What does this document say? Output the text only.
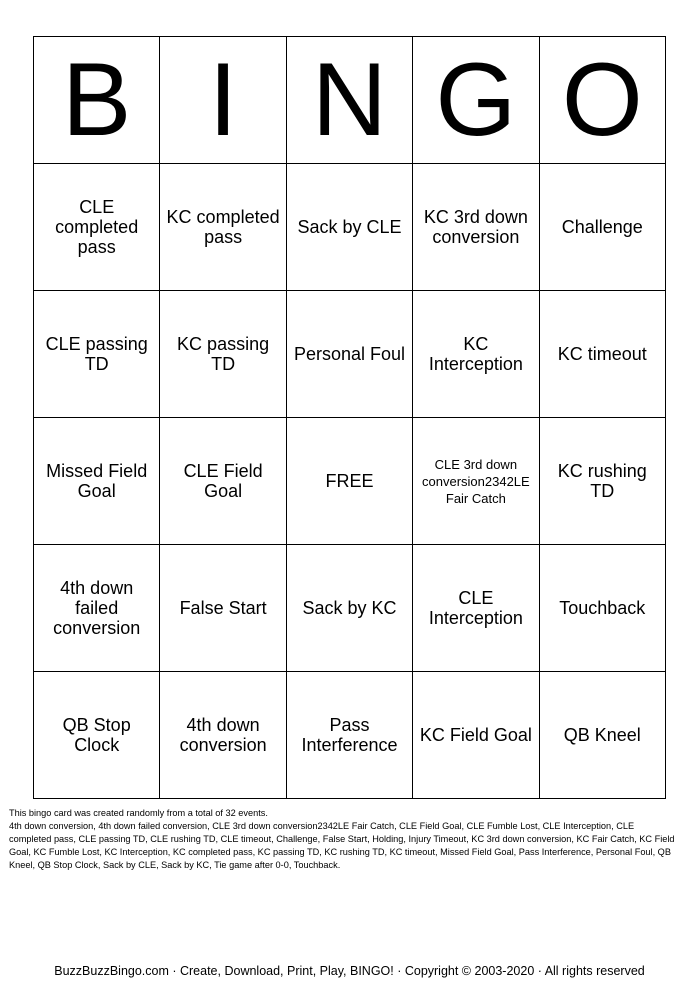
B	I	N	G	O
CLE completed pass	KC completed pass	Sack by CLE	KC 3rd down conversion	Challenge
CLE passing TD	KC passing TD	Personal Foul	KC Interception	KC timeout
Missed Field Goal	CLE Field Goal	FREE	CLE 3rd down conversion2342LE Fair Catch	KC rushing TD
4th down failed conversion	False Start	Sack by KC	CLE Interception	Touchback
QB Stop Clock	4th down conversion	Pass Interference	KC Field Goal	QB Kneel

This bingo card was created randomly from a total of 32 events.

4th down conversion, 4th down failed conversion, CLE 3rd down conversion2342LE Fair Catch, CLE Field Goal, CLE Fumble Lost, CLE Interception, CLE completed pass, CLE passing TD, CLE rushing TD, CLE timeout, Challenge, False Start, Holding, Injury Timeout, KC 3rd down conversion, KC Fair Catch, KC Field Goal, KC Fumble Lost, KC Interception, KC completed pass, KC passing TD, KC rushing TD, KC timeout, Missed Field Goal, Pass Interference, Personal Foul, QB Kneel, QB Stop Clock, Sack by CLE, Sack by KC, Tie game after 0-0, Touchback.

BuzzBuzzBingo.com · Create, Download, Print, Play, BINGO! · Copyright © 2003-2020 · All rights reserved
